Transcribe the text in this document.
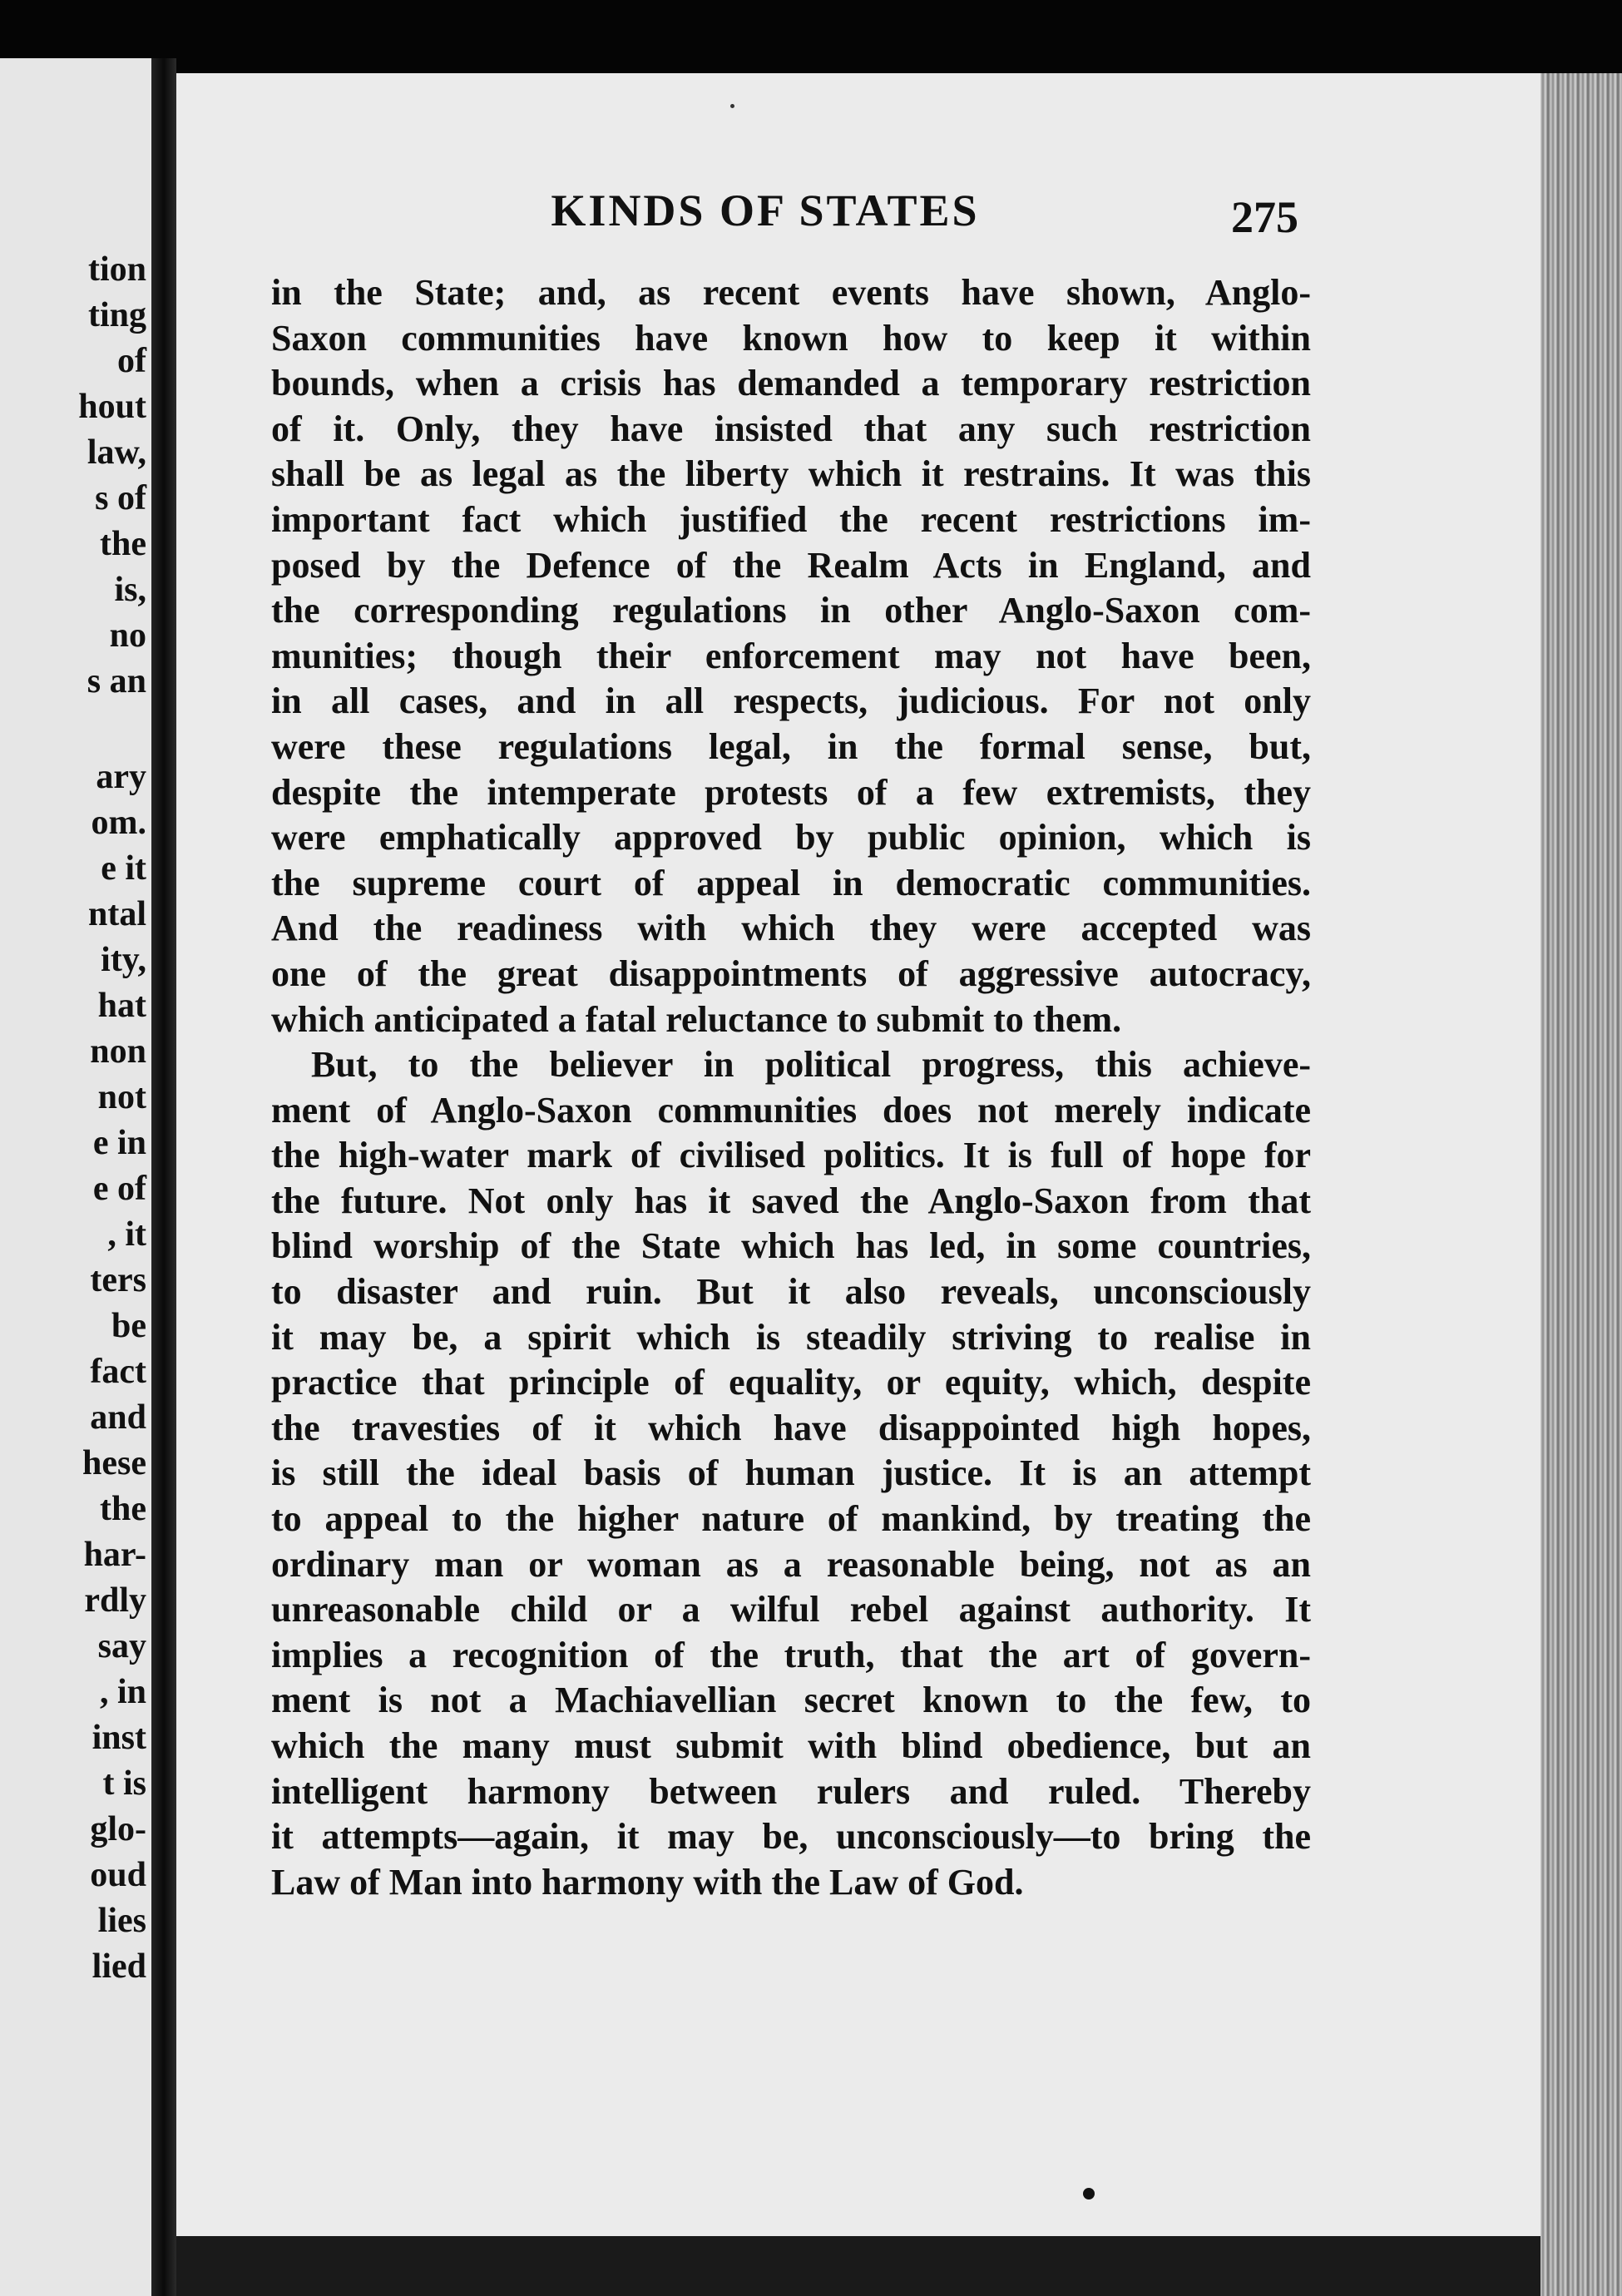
tion
ting
of
hout
law,
s of
the
is,
no
s an
ary
om.
e it
ntal
ity,
hat
non
not
e in
e of
, it
ters
be
fact
and
hese
the
har-
rdly
say
, in
inst
t is
glo-
oud
lies
lied
KINDS OF STATES	275
in the State; and, as recent events have shown, Anglo-
Saxon communities have known how to keep it within
bounds, when a crisis has demanded a temporary restriction
of it. Only, they have insisted that any such restriction
shall be as legal as the liberty which it restrains. It was this
important fact which justified the recent restrictions im-
posed by the Defence of the Realm Acts in England, and
the corresponding regulations in other Anglo-Saxon com-
munities; though their enforcement may not have been,
in all cases, and in all respects, judicious. For not only
were these regulations legal, in the formal sense, but,
despite the intemperate protests of a few extremists, they
were emphatically approved by public opinion, which is
the supreme court of appeal in democratic communities.
And the readiness with which they were accepted was
one of the great disappointments of aggressive autocracy,
which anticipated a fatal reluctance to submit to them.
But, to the believer in political progress, this achieve-
ment of Anglo-Saxon communities does not merely indicate
the high-water mark of civilised politics. It is full of hope for
the future. Not only has it saved the Anglo-Saxon from that
blind worship of the State which has led, in some countries,
to disaster and ruin. But it also reveals, unconsciously
it may be, a spirit which is steadily striving to realise in
practice that principle of equality, or equity, which, despite
the travesties of it which have disappointed high hopes,
is still the ideal basis of human justice. It is an attempt
to appeal to the higher nature of mankind, by treating the
ordinary man or woman as a reasonable being, not as an
unreasonable child or a wilful rebel against authority. It
implies a recognition of the truth, that the art of govern-
ment is not a Machiavellian secret known to the few, to
which the many must submit with blind obedience, but an
intelligent harmony between rulers and ruled. Thereby
it attempts—again, it may be, unconsciously—to bring the
Law of Man into harmony with the Law of God.
